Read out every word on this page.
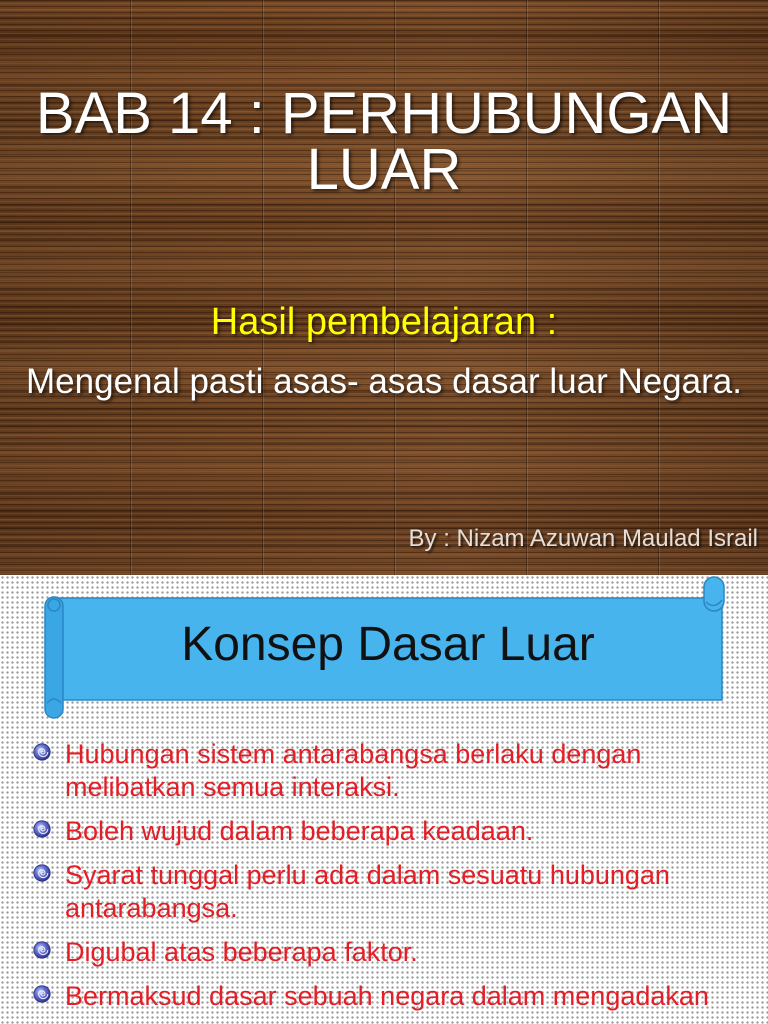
BAB 14 : PERHUBUNGAN
LUAR
Hasil pembelajaran :
Mengenal pasti asas- asas dasar luar Negara.
By : Nizam Azuwan Maulad Israil
Konsep Dasar Luar
Hubungan sistem antarabangsa berlaku dengan
melibatkan semua interaksi.
Boleh wujud dalam beberapa keadaan.
Syarat tunggal perlu ada dalam sesuatu hubungan
antarabangsa.
Digubal atas beberapa faktor.
Bermaksud dasar sebuah negara dalam mengadakan
